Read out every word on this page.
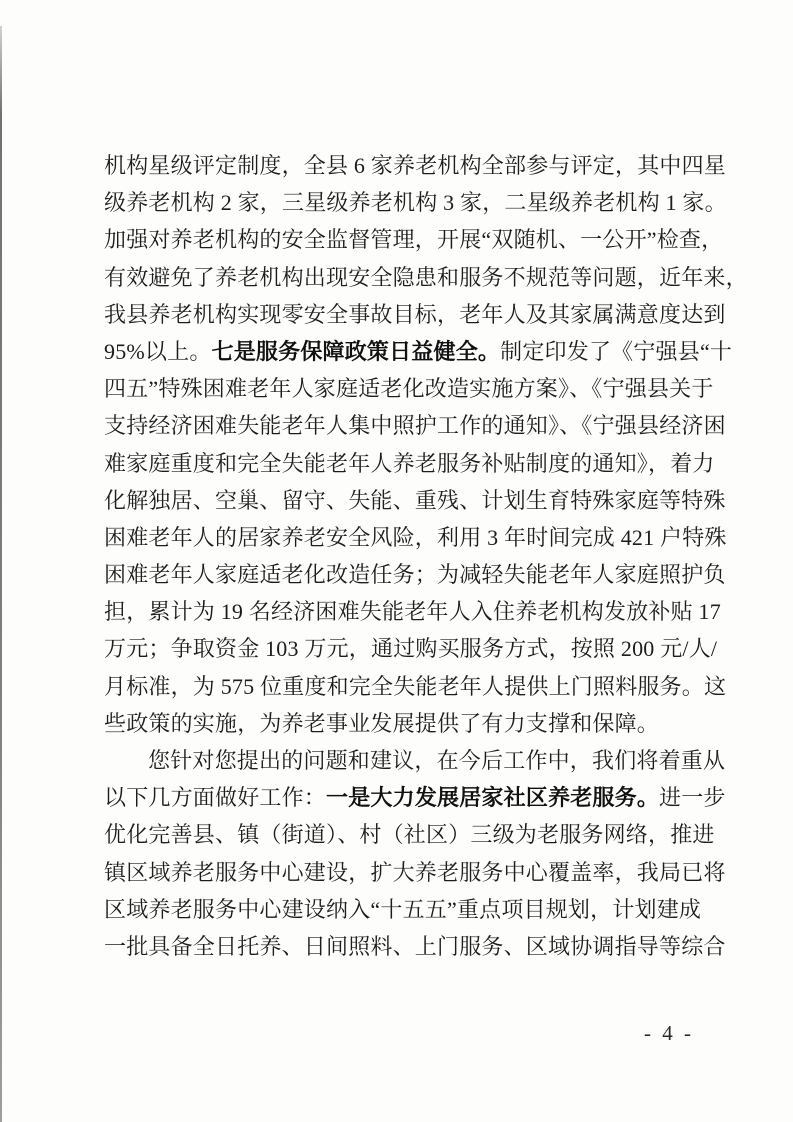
机构星级评定制度，全县 6 家养老机构全部参与评定，其中四星
级养老机构 2 家，三星级养老机构 3 家，二星级养老机构 1 家。
加强对养老机构的安全监督管理，开展“双随机、一公开”检查，
有效避免了养老机构出现安全隐患和服务不规范等问题，近年来，
我县养老机构实现零安全事故目标，老年人及其家属满意度达到
95%以上。七是服务保障政策日益健全。制定印发了《宁强县“十
四五”特殊困难老年人家庭适老化改造实施方案》、《宁强县关于
支持经济困难失能老年人集中照护工作的通知》、《宁强县经济困
难家庭重度和完全失能老年人养老服务补贴制度的通知》，着力
化解独居、空巢、留守、失能、重残、计划生育特殊家庭等特殊
困难老年人的居家养老安全风险，利用 3 年时间完成 421 户特殊
困难老年人家庭适老化改造任务；为减轻失能老年人家庭照护负
担，累计为 19 名经济困难失能老年人入住养老机构发放补贴 17
万元；争取资金 103 万元，通过购买服务方式，按照 200 元/人/
月标准，为 575 位重度和完全失能老年人提供上门照料服务。这
些政策的实施，为养老事业发展提供了有力支撑和保障。
您针对您提出的问题和建议，在今后工作中，我们将着重从
以下几方面做好工作：一是大力发展居家社区养老服务。进一步
优化完善县、镇（街道）、村（社区）三级为老服务网络，推进
镇区域养老服务中心建设，扩大养老服务中心覆盖率，我局已将
区域养老服务中心建设纳入“十五五”重点项目规划，计划建成
一批具备全日托养、日间照料、上门服务、区域协调指导等综合
- 4 -
